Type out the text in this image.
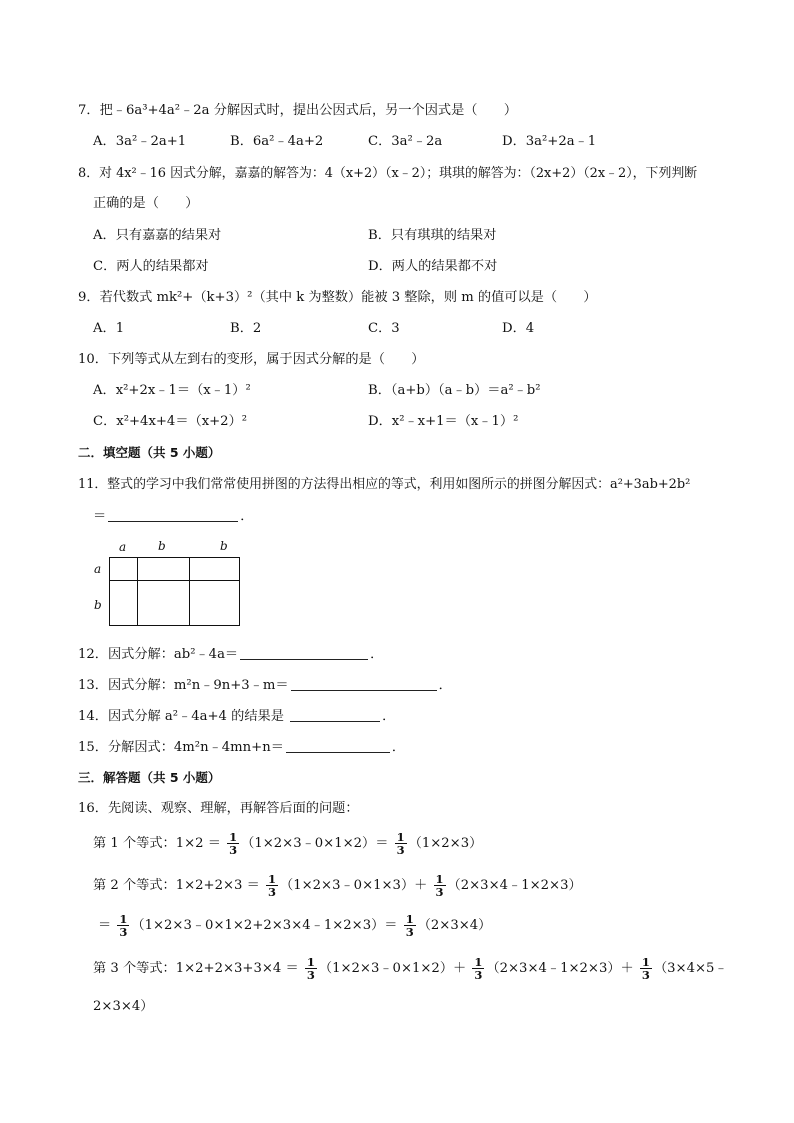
7．把﹣6a³+4a²﹣2a 分解因式时，提出公因式后，另一个因式是（　　）
A．3a²﹣2a+1	B．6a²﹣4a+2	C．3a²﹣2a	D．3a²+2a﹣1
8．对 4x²﹣16 因式分解，嘉嘉的解答为：4（x+2）（x﹣2）；琪琪的解答为：（2x+2）（2x﹣2），下列判断
正确的是（　　）
A．只有嘉嘉的结果对	B．只有琪琪的结果对
C．两人的结果都对	D．两人的结果都不对
9．若代数式 mk²+（k+3）²（其中 k 为整数）能被 3 整除，则 m 的值可以是（　　）
A．1	B．2	C．3	D．4
10．下列等式从左到右的变形，属于因式分解的是（　　）
A．x²+2x﹣1＝（x﹣1）²	B．（a+b）（a﹣b）＝a²﹣b²
C．x²+4x+4＝（x+2）²	D．x²﹣x+1＝（x﹣1）²
二．填空题（共 5 小题）
11．整式的学习中我们常常使用拼图的方法得出相应的等式，利用如图所示的拼图分解因式：a²+3ab+2b²
＝	．
a	b	b
a
b
12．因式分解：ab²﹣4a＝	．
13．因式分解：m²n﹣9n+3﹣m＝	．
14．因式分解 a²﹣4a+4 的结果是	．
15．分解因式：4m²n﹣4mn+n＝	．
三．解答题（共 5 小题）
16．先阅读、观察、理解，再解答后面的问题：
第 1 个等式：$1\times 2 = \frac{1}{3}$ （1×2×3﹣0×1×2）＝ $\frac{1}{3} (1\times 2\times 3)$
第 2 个等式：$1\times 2+2\times 3 = \frac{1}{3}$ （1×2×3﹣0×1×3）＋ $\frac{1}{3}$ （2×3×4﹣1×2×3）
＝ $\frac{1}{3}$ （1×2×3﹣0×1×2+2×3×4﹣1×2×3）＝ $\frac{1}{3} (2\times 3\times 4)$
第 3 个等式：$1\times 2+2\times 3+3\times 4 = \frac{1}{3}$ （1×2×3﹣0×1×2）＋ $\frac{1}{3}$ （2×3×4﹣1×2×3）＋ $\frac{1}{3}$ （3×4×5﹣
2×3×4）
